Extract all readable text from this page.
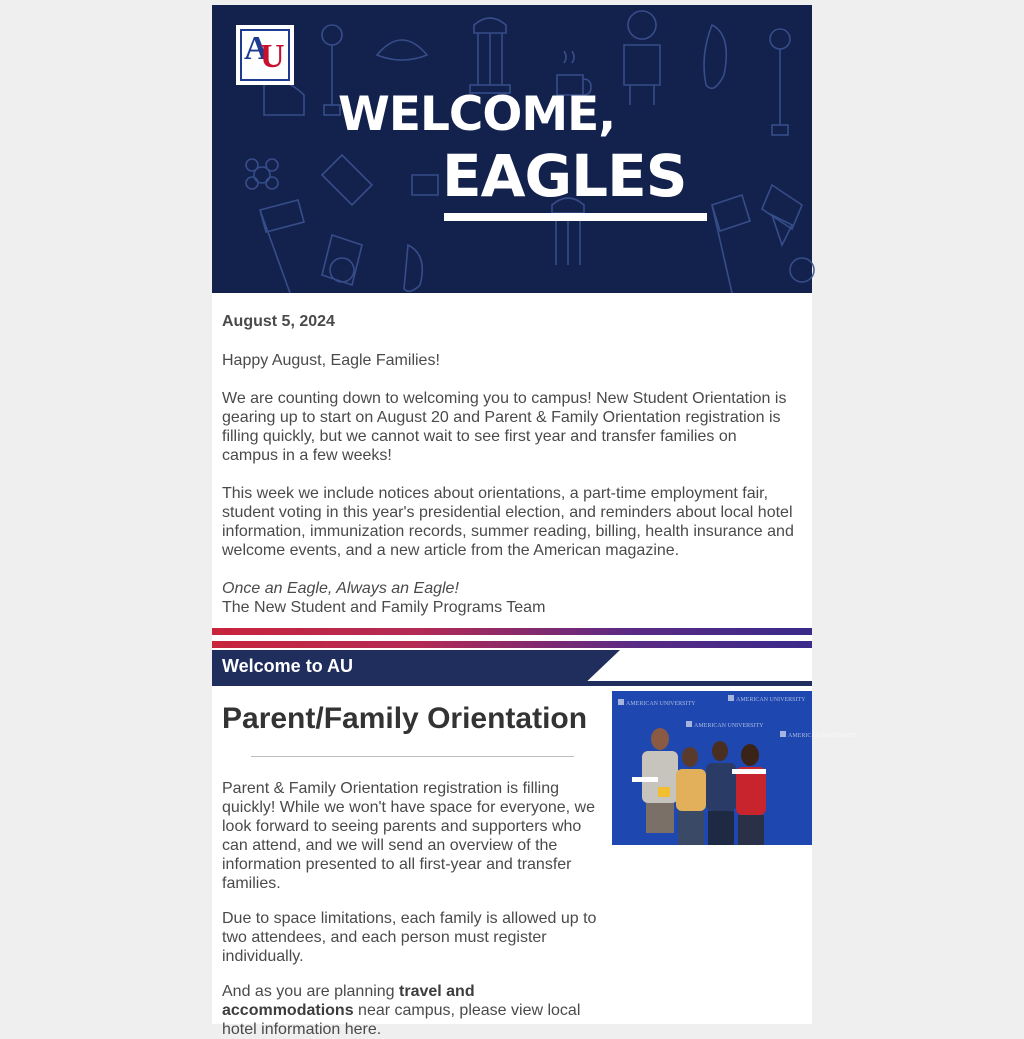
A
U
WELCOME,
EAGLES
August 5, 2024
Happy August, Eagle Families!
We are counting down to welcoming you to campus! New Student Orientation is gearing up to start on August 20 and Parent & Family Orientation registration is filling quickly, but we cannot wait to see first year and transfer families on campus in a few weeks!
This week we include notices about orientations, a part-time employment fair, student voting in this year's presidential election, and reminders about local hotel information, immunization records, summer reading, billing, health insurance and welcome events, and a new article from the American magazine.
Once an Eagle, Always an Eagle!
The New Student and Family Programs Team
Welcome to AU
Parent/Family Orientation
Parent & Family Orientation registration is filling quickly! While we won't have space for everyone, we look forward to seeing parents and supporters who can attend, and we will send an overview of the information presented to all first-year and transfer families.
Due to space limitations, each family is allowed up to two attendees, and each person must register individually.
And as you are planning travel and accommodations near campus, please view local hotel information here.
AMERICAN UNIVERSITY
AMERICAN UNIVERSITY
AMERICAN UNIVERSITY
AMERICAN UNIVERSITY
